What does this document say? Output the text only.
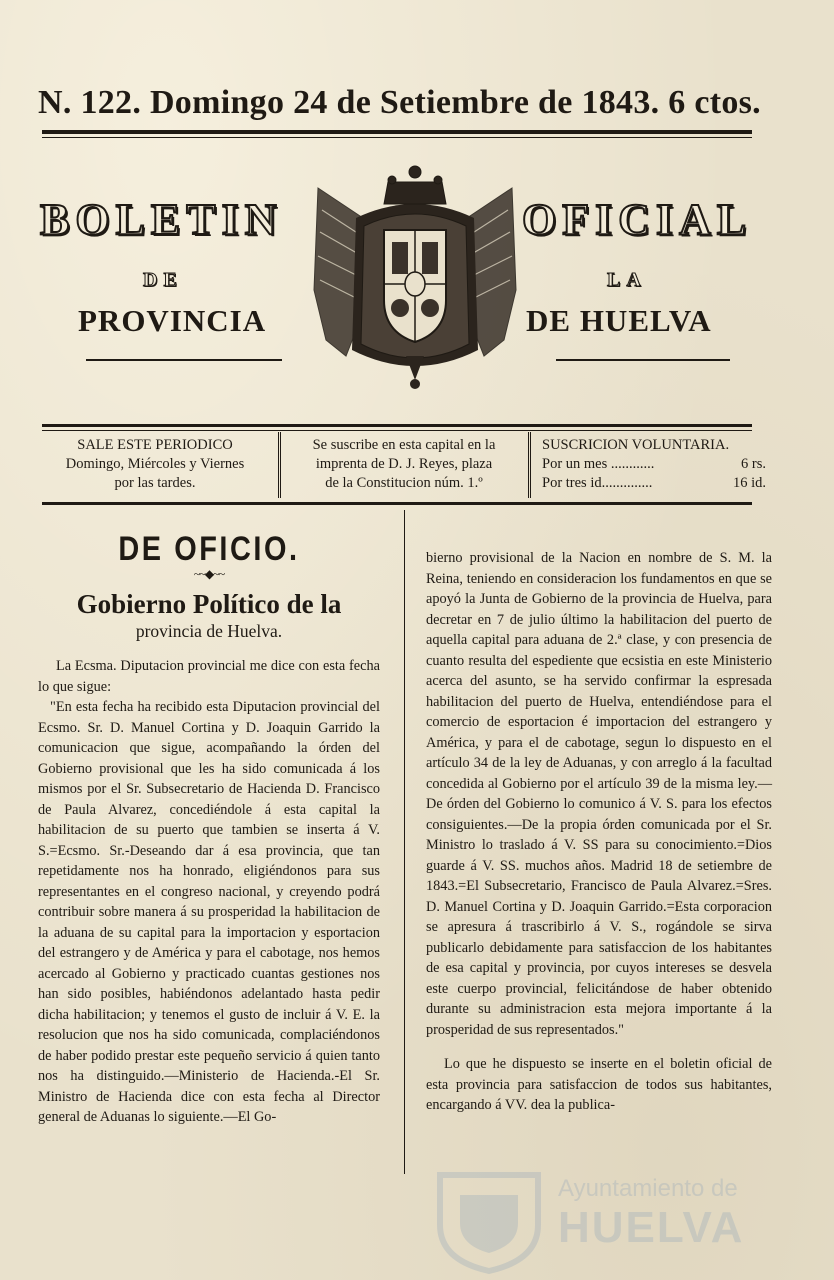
N. 122. Domingo 24 de Setiembre de 1843. 6 ctos.
BOLETIN	OFICIAL
DE	LA
PROVINCIA	DE HUELVA
SALE ESTE PERIODICO
Domingo, Miércoles y Viernes
por las tardes.
Se suscribe en esta capital en la
imprenta de D. J. Reyes, plaza
de la Constitucion núm. 1.º
SUSCRICION VOLUNTARIA.
Por un mes ............	6 rs.
Por tres id..............	16 id.
DE OFICIO.
~~◆~~
Gobierno Político de la
provincia de Huelva.

La Ecsma. Diputacion provincial me dice con esta fecha lo que sigue:

"En esta fecha ha recibido esta Diputacion provincial del Ecsmo. Sr. D. Manuel Cortina y D. Joaquin Garrido la comunicacion que sigue, acompañando la órden del Gobierno provisional que les ha sido comunicada á los mismos por el Sr. Subsecretario de Hacienda D. Francisco de Paula Alvarez, concediéndole á esta capital la habilitacion de su puerto que tambien se inserta á V. S.=Ecsmo. Sr.-Deseando dar á esa provincia, que tan repetidamente nos ha honrado, eligiéndonos para sus representantes en el congreso nacional, y creyendo podrá contribuir sobre manera á su prosperidad la habilitacion de la aduana de su capital para la importacion y esportacion del estrangero y de América y para el cabotage, nos hemos acercado al Gobierno y practicado cuantas gestiones nos han sido posibles, habiéndonos adelantado hasta pedir dicha habilitacion; y tenemos el gusto de incluir á V. E. la resolucion que nos ha sido comunicada, complaciéndonos de haber podido prestar este pequeño servicio á quien tanto nos ha distinguido.—Ministerio de Hacienda.-El Sr. Ministro de Hacienda dice con esta fecha al Director general de Aduanas lo siguiente.—El Go-

bierno provisional de la Nacion en nombre de S. M. la Reina, teniendo en consideracion los fundamentos en que se apoyó la Junta de Gobierno de la provincia de Huelva, para decretar en 7 de julio último la habilitacion del puerto de aquella capital para aduana de 2.ª clase, y con presencia de cuanto resulta del espediente que ecsistia en este Ministerio acerca del asunto, se ha servido confirmar la espresada habilitacion del puerto de Huelva, entendiéndose para el comercio de esportacion é importacion del estrangero y América, y para el de cabotage, segun lo dispuesto en el artículo 34 de la ley de Aduanas, y con arreglo á la facultad concedida al Gobierno por el artículo 39 de la misma ley.—De órden del Gobierno lo comunico á V. S. para los efectos consiguientes.—De la propia órden comunicada por el Sr. Ministro lo traslado á V. SS para su conocimiento.=Dios guarde á V. SS. muchos años. Madrid 18 de setiembre de 1843.=El Subsecretario, Francisco de Paula Alvarez.=Sres. D. Manuel Cortina y D. Joaquin Garrido.=Esta corporacion se apresura á trascribirlo á V. S., rogándole se sirva publicarlo debidamente para satisfaccion de los habitantes de esa capital y provincia, por cuyos intereses se desvela este cuerpo provincial, felicitándose de haber obtenido durante su administracion esta mejora importante á la prosperidad de sus representados."

Lo que he dispuesto se inserte en el boletin oficial de esta provincia para satisfaccion de todos sus habitantes, encargando á VV. dea la publica-

Ayuntamiento de
HUELVA
